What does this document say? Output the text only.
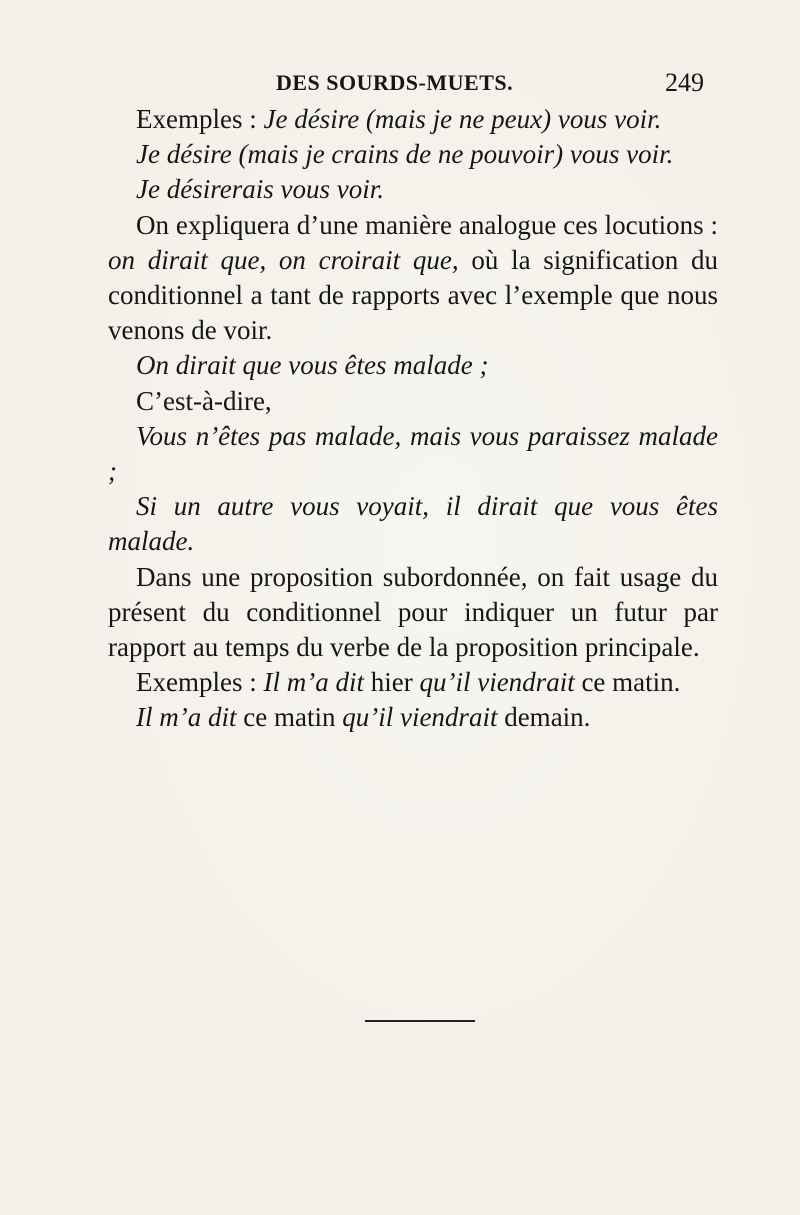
DES SOURDS-MUETS.	249

Exemples : Je désire (mais je ne peux) vous voir.

Je désire (mais je crains de ne pouvoir) vous voir.

Je désirerais vous voir.

On expliquera d’une manière analogue ces locutions : on dirait que, on croirait que, où la signification du conditionnel a tant de rapports avec l’exemple que nous venons de voir.

On dirait que vous êtes malade ;

C’est-à-dire,

Vous n’êtes pas malade, mais vous paraissez malade ;

Si un autre vous voyait, il dirait que vous êtes malade.

Dans une proposition subordonnée, on fait usage du présent du conditionnel pour indiquer un futur par rapport au temps du verbe de la proposition principale.

Exemples : Il m’a dit hier qu’il viendrait ce matin.

Il m’a dit ce matin qu’il viendrait demain.
